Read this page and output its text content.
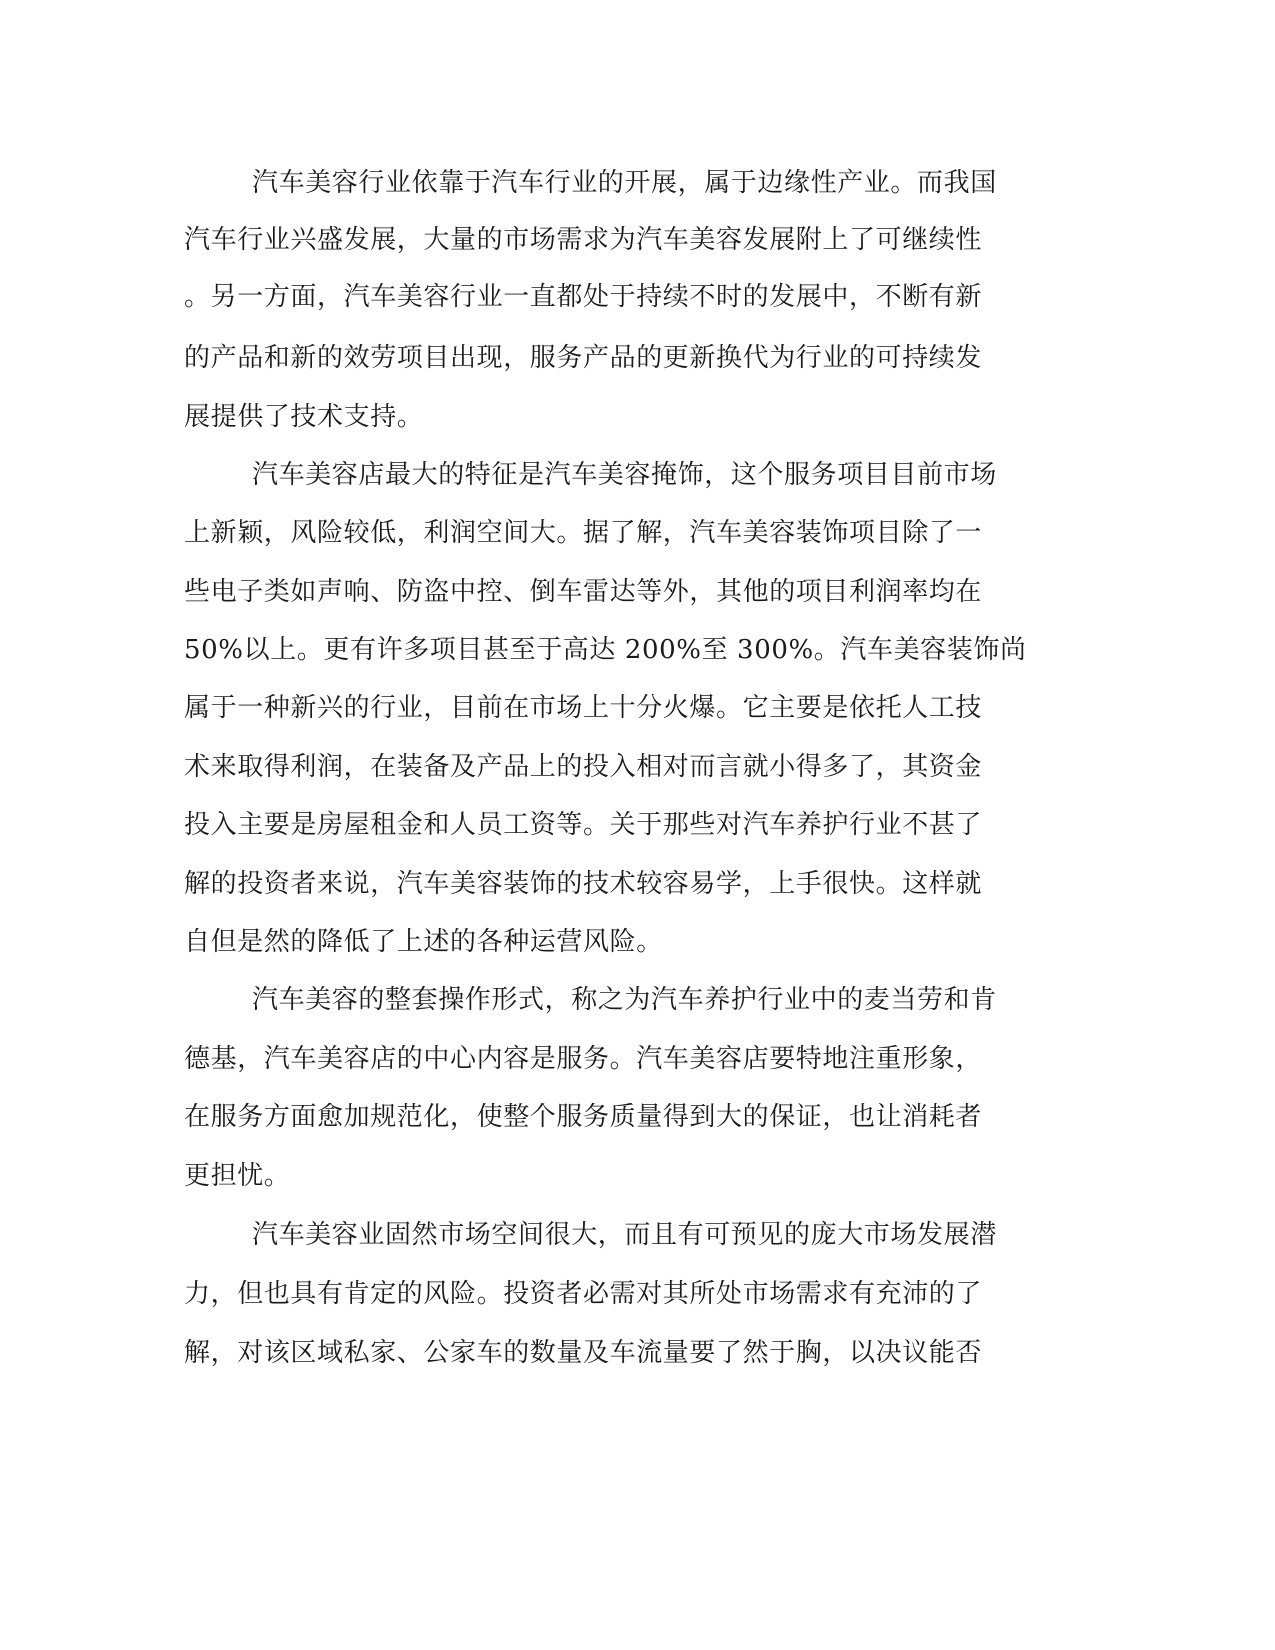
汽车美容行业依靠于汽车行业的开展，属于边缘性产业。而我国
汽车行业兴盛发展，大量的市场需求为汽车美容发展附上了可继续性
。另一方面，汽车美容行业一直都处于持续不时的发展中，不断有新
的产品和新的效劳项目出现，服务产品的更新换代为行业的可持续发
展提供了技术支持。
汽车美容店最大的特征是汽车美容掩饰，这个服务项目目前市场
上新颖，风险较低，利润空间大。据了解，汽车美容装饰项目除了一
些电子类如声响、防盗中控、倒车雷达等外，其他的项目利润率均在
50%以上。更有许多项目甚至于高达 200%至 300%。汽车美容装饰尚
属于一种新兴的行业，目前在市场上十分火爆。它主要是依托人工技
术来取得利润，在装备及产品上的投入相对而言就小得多了，其资金
投入主要是房屋租金和人员工资等。关于那些对汽车养护行业不甚了
解的投资者来说，汽车美容装饰的技术较容易学，上手很快。这样就
自但是然的降低了上述的各种运营风险。
汽车美容的整套操作形式，称之为汽车养护行业中的麦当劳和肯
德基，汽车美容店的中心内容是服务。汽车美容店要特地注重形象，
在服务方面愈加规范化，使整个服务质量得到大的保证，也让消耗者
更担忧。
汽车美容业固然市场空间很大，而且有可预见的庞大市场发展潜
力，但也具有肯定的风险。投资者必需对其所处市场需求有充沛的了
解，对该区域私家、公家车的数量及车流量要了然于胸，以决议能否
